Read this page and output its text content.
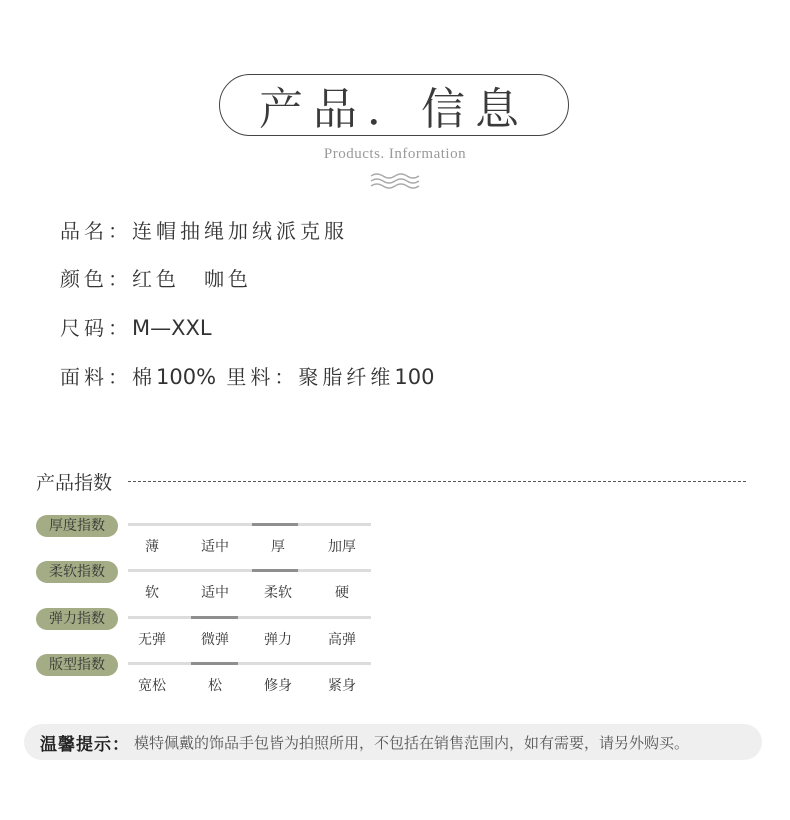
产品．信息
Products. Information
品名：连帽抽绳加绒派克服
颜色：红色　咖色
尺码：M—XXL
面料：棉100% 里料：聚脂纤维100
产品指数
厚度指数
薄	适中	厚	加厚
柔软指数
软	适中	柔软	硬
弹力指数
无弹	微弹	弹力	高弹
版型指数
宽松	松	修身	紧身
温馨提示： 模特佩戴的饰品手包皆为拍照所用，不包括在销售范围内，如有需要，请另外购买。
